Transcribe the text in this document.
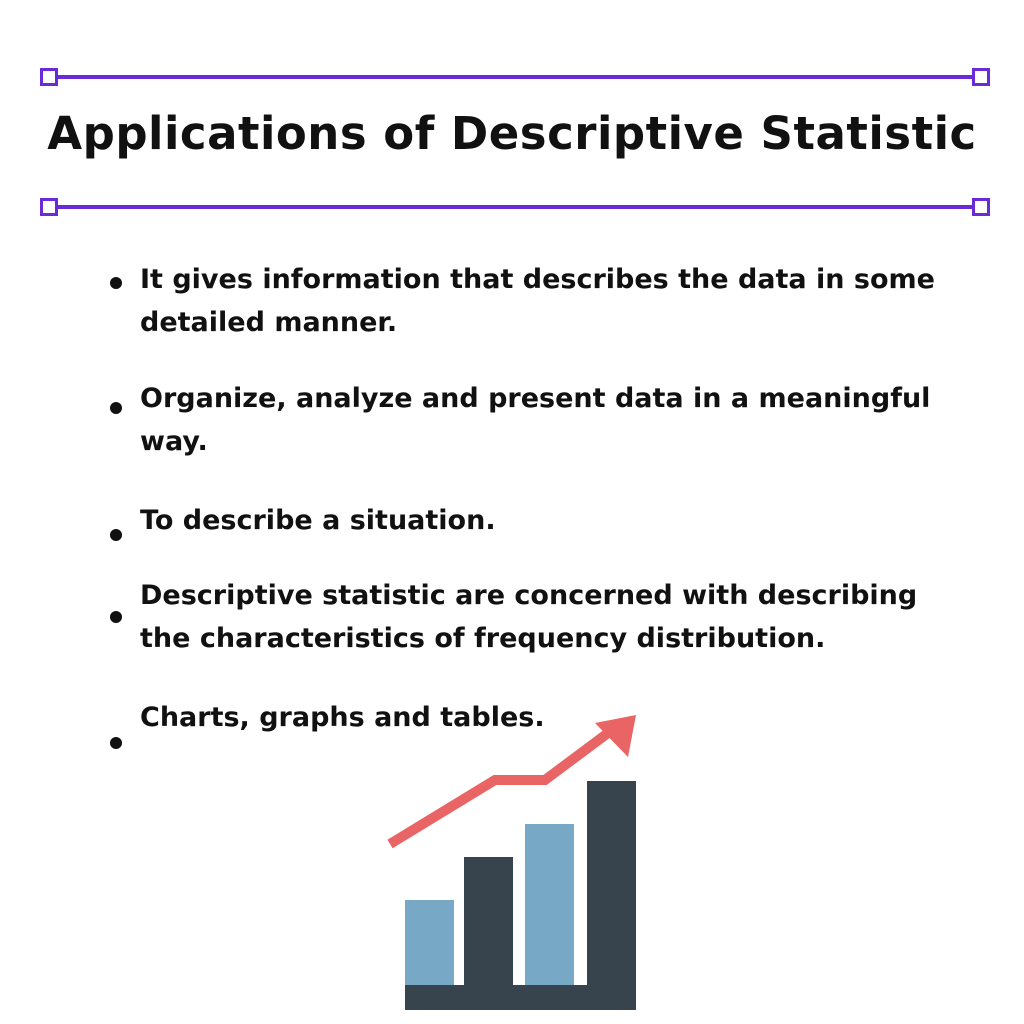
Applications of Descriptive Statistic

It gives information that describes the data in some detailed manner.

Organize, analyze and present data in a meaningful way.

To describe a situation.

Descriptive statistic are concerned with describing the characteristics of frequency distribution.

Charts, graphs and tables.
